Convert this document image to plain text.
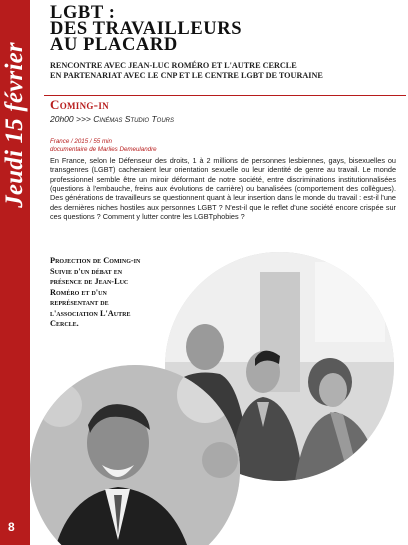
Jeudi 15 février
8
LGBT :
DES TRAVAILLEURS
AU PLACARD
RENCONTRE AVEC JEAN-LUC ROMÉRO ET L'AUTRE CERCLE
EN PARTENARIAT AVEC LE CNP ET LE CENTRE LGBT DE TOURAINE
Coming-in
20h00 >>> Cinémas Studio Tours
France / 2015 / 55 min
documentaire de Marlies Demeulandre

En France, selon le Défenseur des droits, 1 à 2 millions de personnes lesbiennes, gays, bisexuelles ou transgenres (LGBT) cacheraient leur orientation sexuelle ou leur identité de genre au travail. Le monde professionnel semble être un miroir déformant de notre société, entre discriminations institutionnalisées (questions à l'embauche, freins aux évolutions de carrière) ou banalisées (comportement des collègues). Des générations de travailleurs se questionnent quant à leur insertion dans le monde du travail : est-il l'une des dernières niches hostiles aux personnes LGBT ? N'est-il que le reflet d'une société encore crispée sur ces questions ? Comment y lutter contre les LGBTphobies ?

Projection de Coming-in
Suivie d'un débat en
présence de Jean-Luc
Roméro et d'un
représentant de
l'association L'Autre
Cercle.
